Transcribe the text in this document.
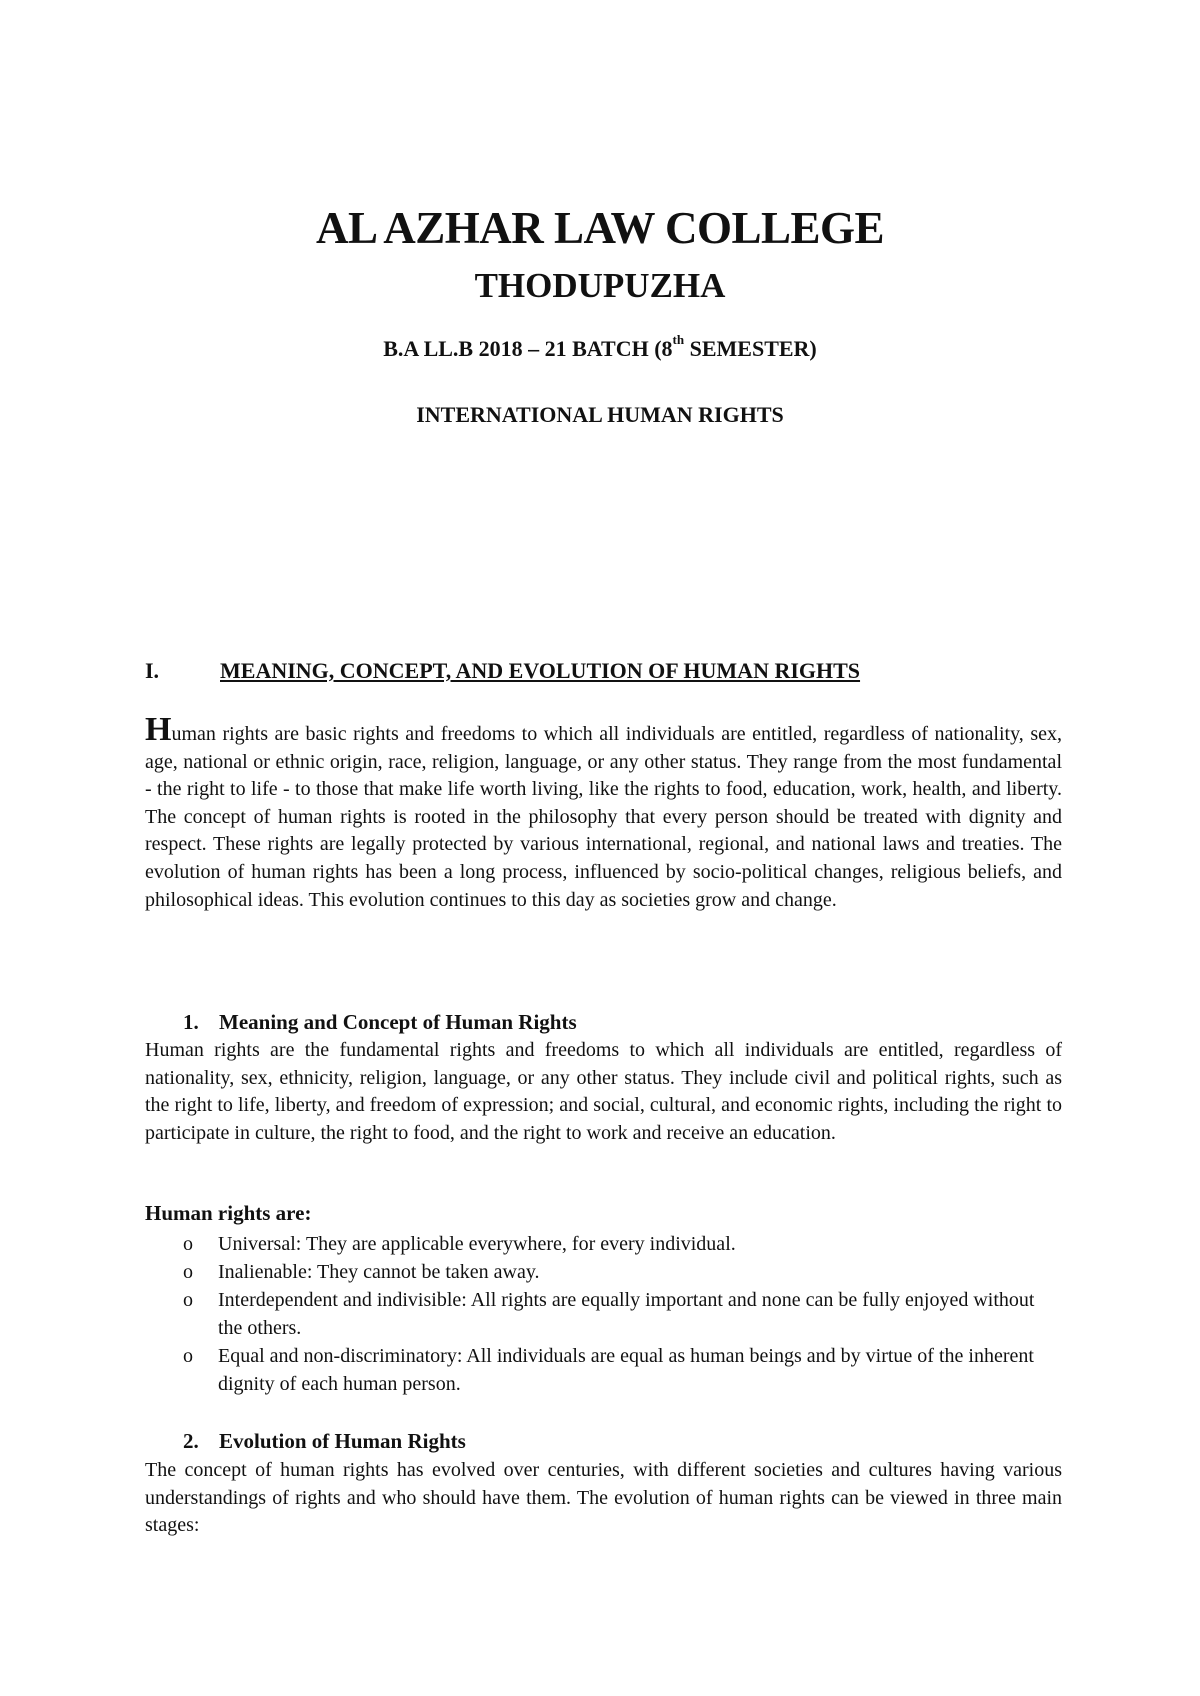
AL AZHAR LAW COLLEGE
THODUPUZHA
B.A LL.B 2018 – 21 BATCH (8th SEMESTER)
INTERNATIONAL HUMAN RIGHTS
I.	MEANING, CONCEPT, AND EVOLUTION OF HUMAN RIGHTS
Human rights are basic rights and freedoms to which all individuals are entitled, regardless of nationality, sex, age, national or ethnic origin, race, religion, language, or any other status. They range from the most fundamental - the right to life - to those that make life worth living, like the rights to food, education, work, health, and liberty. The concept of human rights is rooted in the philosophy that every person should be treated with dignity and respect. These rights are legally protected by various international, regional, and national laws and treaties. The evolution of human rights has been a long process, influenced by socio-political changes, religious beliefs, and philosophical ideas. This evolution continues to this day as societies grow and change.
1. Meaning and Concept of Human Rights
Human rights are the fundamental rights and freedoms to which all individuals are entitled, regardless of nationality, sex, ethnicity, religion, language, or any other status. They include civil and political rights, such as the right to life, liberty, and freedom of expression; and social, cultural, and economic rights, including the right to participate in culture, the right to food, and the right to work and receive an education.
Human rights are:
o Universal: They are applicable everywhere, for every individual.
o Inalienable: They cannot be taken away.
o Interdependent and indivisible: All rights are equally important and none can be fully enjoyed without the others.
o Equal and non-discriminatory: All individuals are equal as human beings and by virtue of the inherent dignity of each human person.
2. Evolution of Human Rights
The concept of human rights has evolved over centuries, with different societies and cultures having various understandings of rights and who should have them. The evolution of human rights can be viewed in three main stages:
